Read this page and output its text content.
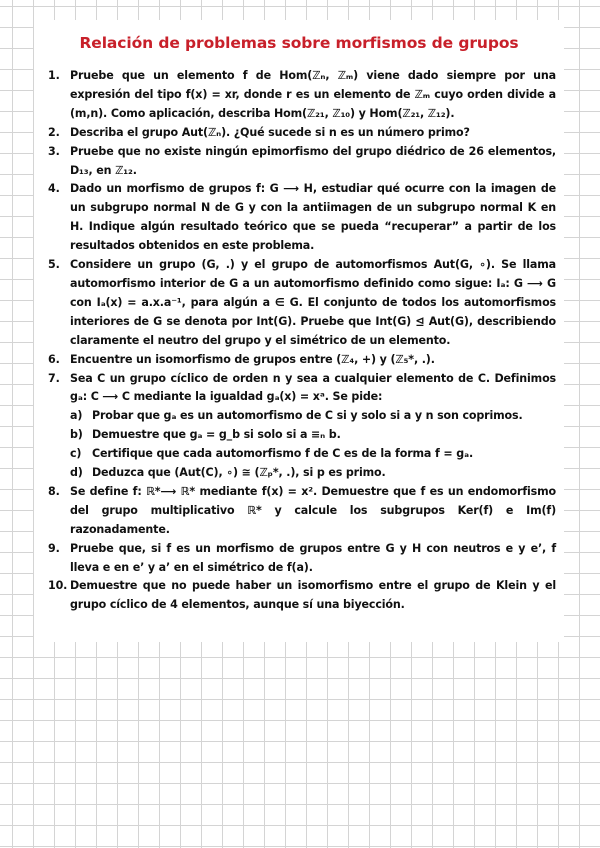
Relación de problemas sobre morfismos de grupos
1. Pruebe que un elemento f de Hom(ℤₙ, ℤₘ) viene dado siempre por una expresión del tipo f(x) = xr, donde r es un elemento de ℤₘ cuyo orden divide a (m,n). Como aplicación, describa Hom(ℤ₂₁, ℤ₁₀) y Hom(ℤ₂₁, ℤ₁₂).
2. Describa el grupo Aut(ℤₙ). ¿Qué sucede si n es un número primo?
3. Pruebe que no existe ningún epimorfismo del grupo diédrico de 26 elementos, D₁₃, en ℤ₁₂.
4. Dado un morfismo de grupos f: G ⟶ H, estudiar qué ocurre con la imagen de un subgrupo normal N de G y con la antiimagen de un subgrupo normal K en H. Indique algún resultado teórico que se pueda “recuperar” a partir de los resultados obtenidos en este problema.
5. Considere un grupo (G, .) y el grupo de automorfismos Aut(G, ∘). Se llama automorfismo interior de G a un automorfismo definido como sigue: Iₐ: G ⟶ G con Iₐ(x) = a.x.a⁻¹, para algún a ∈ G. El conjunto de todos los automorfismos interiores de G se denota por Int(G). Pruebe que Int(G) ⊴ Aut(G), describiendo claramente el neutro del grupo y el simétrico de un elemento.
6. Encuentre un isomorfismo de grupos entre (ℤ₄, +) y (ℤ₅*, .).
7. Sea C un grupo cíclico de orden n y sea a cualquier elemento de C. Definimos gₐ: C ⟶ C mediante la igualdad gₐ(x) = xᵃ. Se pide:
a) Probar que gₐ es un automorfismo de C si y solo si a y n son coprimos.
b) Demuestre que gₐ = g_b si solo si a ≡ₙ b.
c) Certifique que cada automorfismo f de C es de la forma f = gₐ.
d) Deduzca que (Aut(C), ∘) ≅ (ℤₚ*, .), si p es primo.
8. Se define f: ℝ*⟶ ℝ* mediante f(x) = x². Demuestre que f es un endomorfismo del grupo multiplicativo ℝ* y calcule los subgrupos Ker(f) e Im(f) razonadamente.
9. Pruebe que, si f es un morfismo de grupos entre G y H con neutros e y e’, f lleva e en e’ y a’ en el simétrico de f(a).
10. Demuestre que no puede haber un isomorfismo entre el grupo de Klein y el grupo cíclico de 4 elementos, aunque sí una biyección.
